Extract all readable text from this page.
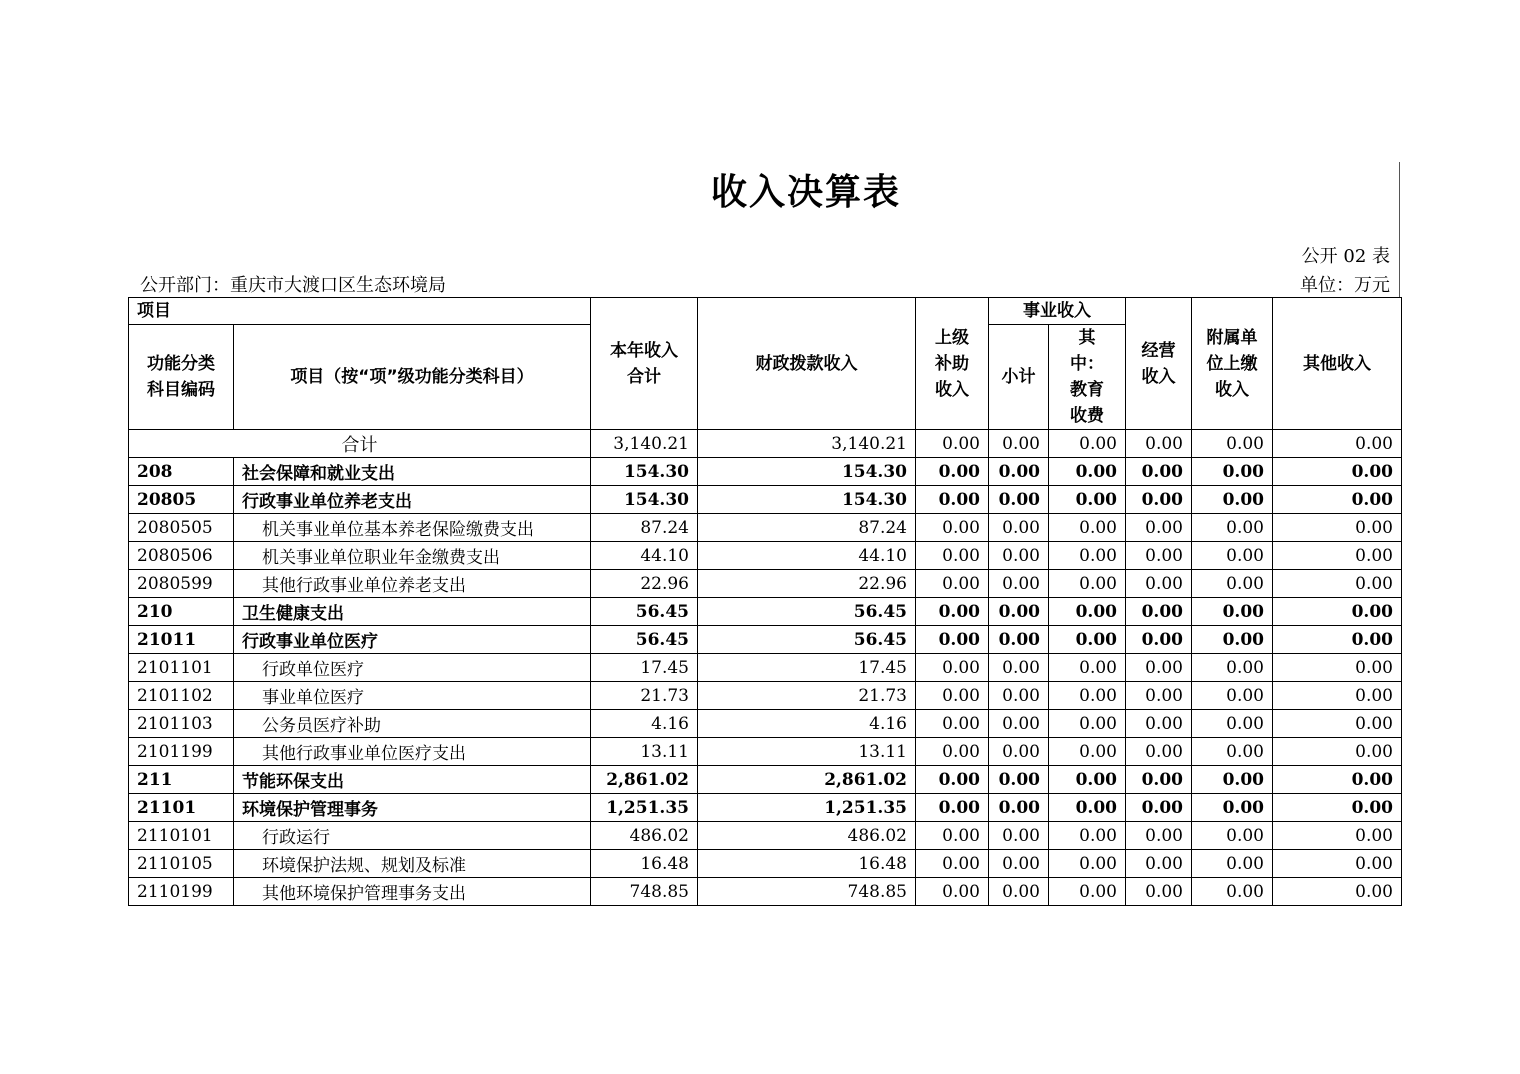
收入决算表
公开 02 表
公开部门：重庆市大渡口区生态环境局	单位：万元
项目		本年收入合计	财政拨款收入	上级补助收入	事业收入		经营收入	附属单位上缴收入	其他收入
功能分类科目编码	项目（按“项”级功能分类科目）				小计	其中：教育收费			
合计		3,140.21	3,140.21	0.00	0.00	0.00	0.00	0.00	0.00
208	社会保障和就业支出	154.30	154.30	0.00	0.00	0.00	0.00	0.00	0.00
20805	行政事业单位养老支出	154.30	154.30	0.00	0.00	0.00	0.00	0.00	0.00
2080505	机关事业单位基本养老保险缴费支出	87.24	87.24	0.00	0.00	0.00	0.00	0.00	0.00
2080506	机关事业单位职业年金缴费支出	44.10	44.10	0.00	0.00	0.00	0.00	0.00	0.00
2080599	其他行政事业单位养老支出	22.96	22.96	0.00	0.00	0.00	0.00	0.00	0.00
210	卫生健康支出	56.45	56.45	0.00	0.00	0.00	0.00	0.00	0.00
21011	行政事业单位医疗	56.45	56.45	0.00	0.00	0.00	0.00	0.00	0.00
2101101	行政单位医疗	17.45	17.45	0.00	0.00	0.00	0.00	0.00	0.00
2101102	事业单位医疗	21.73	21.73	0.00	0.00	0.00	0.00	0.00	0.00
2101103	公务员医疗补助	4.16	4.16	0.00	0.00	0.00	0.00	0.00	0.00
2101199	其他行政事业单位医疗支出	13.11	13.11	0.00	0.00	0.00	0.00	0.00	0.00
211	节能环保支出	2,861.02	2,861.02	0.00	0.00	0.00	0.00	0.00	0.00
21101	环境保护管理事务	1,251.35	1,251.35	0.00	0.00	0.00	0.00	0.00	0.00
2110101	行政运行	486.02	486.02	0.00	0.00	0.00	0.00	0.00	0.00
2110105	环境保护法规、规划及标准	16.48	16.48	0.00	0.00	0.00	0.00	0.00	0.00
2110199	其他环境保护管理事务支出	748.85	748.85	0.00	0.00	0.00	0.00	0.00	0.00
